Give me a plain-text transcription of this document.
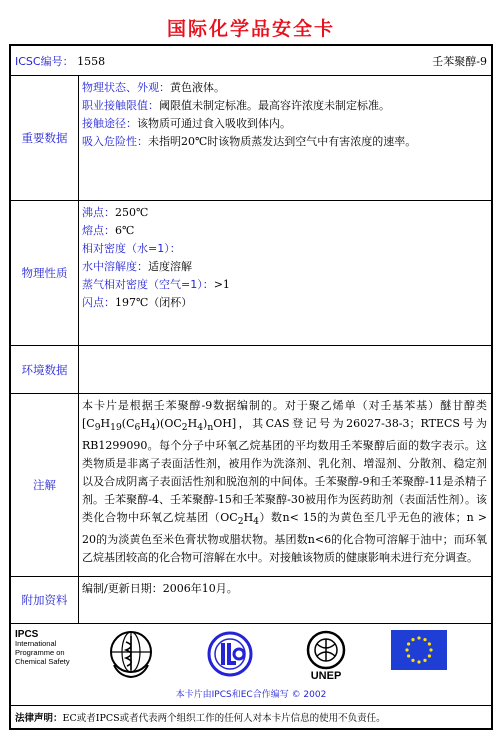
国际化学品安全卡
ICSC编号： 1558	壬苯聚醇-9
重要数据
物理状态、外观：黄色液体。
职业接触限值：阈限值未制定标准。最高容许浓度未制定标准。
接触途径：该物质可通过食入吸收到体内。
吸入危险性：未指明20℃时该物质蒸发达到空气中有害浓度的速率。
物理性质
沸点：250℃
熔点：6℃
相对密度（水=1）：
水中溶解度：适度溶解
蒸气相对密度（空气=1）：>1
闪点：197℃（闭杯）
环境数据
注解
本卡片是根据壬苯聚醇-9数据编制的。对于聚乙烯单（对壬基苯基）醚甘醇类$[C_9H_{19}(C_6H_4)(OC_2H_4)_nOH]$，其CAS登记号为26027-38-3；RTECS号为RB1299090。每个分子中环氧乙烷基团的平均数用壬苯聚醇后面的数字表示。这类物质是非离子表面活性剂，被用作为洗涤剂、乳化剂、增湿剂、分散剂、稳定剂以及合成阴离子表面活性剂和脱泡剂的中间体。壬苯聚醇-9和壬苯聚醇-11是杀精子剂。壬苯聚醇-4、壬苯聚醇-15和壬苯聚醇-30被用作为医药助剂（表面活性剂）。该类化合物中环氧乙烷基团$(OC_2H_4)$数n< 15的为黄色至几乎无色的液体；n > 20的为淡黄色至米色膏状物或腊状物。基团数n<6的化合物可溶解于油中；而环氧乙烷基团较高的化合物可溶解在水中。对接触该物质的健康影响未进行充分调查。
附加资料
编制/更新日期：2006年10月。
IPCS
International
Programme on
Chemical Safety
UNEP
本卡片由IPCS和EC合作编写 © 2002
法律声明：EC或者IPCS或者代表两个组织工作的任何人对本卡片信息的使用不负责任。
